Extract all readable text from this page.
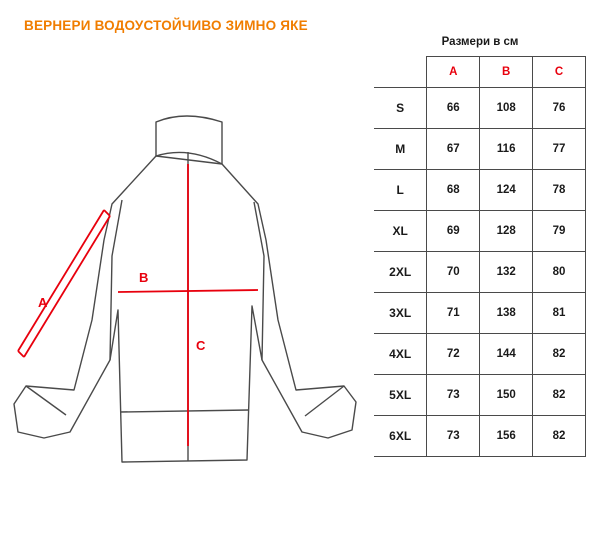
ВЕРНЕРИ ВОДОУСТОЙЧИВО ЗИМНО ЯКЕ
A
B
C
Размери в см
	A	B	C
S	66	108	76
M	67	116	77
L	68	124	78
XL	69	128	79
2XL	70	132	80
3XL	71	138	81
4XL	72	144	82
5XL	73	150	82
6XL	73	156	82
